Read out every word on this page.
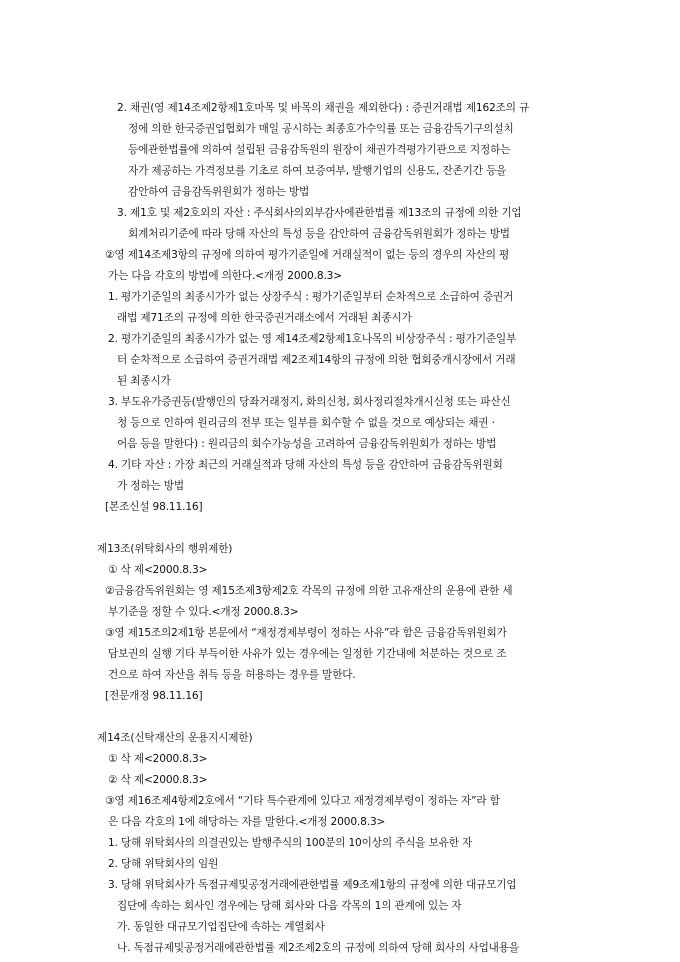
2. 채권(영 제14조제2항제1호마목 및 바목의 채권을 제외한다) : 증권거래법 제162조의 규
정에 의한 한국증권업협회가 매일 공시하는 최종호가수익률 또는 금융감독기구의설치
등에관한법률에 의하여 설립된 금융감독원의 원장이 채권가격평가기관으로 지정하는
자가 제공하는 가격정보를 기초로 하여 보증여부, 발행기업의 신용도, 잔존기간 등을
감안하여 금융감독위원회가 정하는 방법
3. 제1호 및 제2호외의 자산 : 주식회사의외부감사에관한법률 제13조의 규정에 의한 기업
회계처리기준에 따라 당해 자산의 특성 등을 감안하여 금융감독위원회가 정하는 방법
②영 제14조제3항의 규정에 의하여 평가기준일에 거래실적이 없는 등의 경우의 자산의 평
가는 다음 각호의 방법에 의한다.<개정 2000.8.3>
1. 평가기준일의 최종시가가 없는 상장주식 : 평가기준일부터 순차적으로 소급하여 증권거
래법 제71조의 규정에 의한 한국증권거래소에서 거래된 최종시가
2. 평가기준일의 최종시가가 없는 영 제14조제2항제1호나목의 비상장주식 : 평가기준일부
터 순차적으로 소급하여 증권거래법 제2조제14항의 규정에 의한 협회중개시장에서 거래
된 최종시가
3. 부도유가증권등(발행인의 당좌거래정지, 화의신청, 회사정리절차개시신청 또는 파산신
청 등으로 인하여 원리금의 전부 또는 일부를 회수할 수 없을 것으로 예상되는 채권 ·
어음 등을 말한다) : 원리금의 회수가능성을 고려하여 금융감독위원회가 정하는 방법
4. 기타 자산 : 가장 최근의 거래실적과 당해 자산의 특성 등을 감안하여 금융감독위원회
가 정하는 방법
[본조신설 98.11.16]
제13조(위탁회사의 행위제한)
① 삭 제<2000.8.3>
②금융감독위원회는 영 제15조제3항제2호 각목의 규정에 의한 고유재산의 운용에 관한 세
부기준을 정할 수 있다.<개정 2000.8.3>
③영 제15조의2제1항 본문에서 “재정경제부령이 정하는 사유”라 함은 금융감독위원회가
담보권의 실행 기타 부득이한 사유가 있는 경우에는 일정한 기간내에 처분하는 것으로 조
건으로 하여 자산을 취득 등을 허용하는 경우를 말한다.
[전문개정 98.11.16]
제14조(신탁재산의 운용지시제한)
① 삭 제<2000.8.3>
② 삭 제<2000.8.3>
③영 제16조제4항제2호에서 “기타 특수관계에 있다고 재정경제부령이 정하는 자”라 함
은 다음 각호의 1에 해당하는 자를 말한다.<개정 2000.8.3>
1. 당해 위탁회사의 의결권있는 발행주식의 100분의 10이상의 주식을 보유한 자
2. 당해 위탁회사의 임원
3. 당해 위탁회사가 독점규제및공정거래에관한법률 제9조제1항의 규정에 의한 대규모기업
집단에 속하는 회사인 경우에는 당해 회사와 다음 각목의 1의 관계에 있는 자
가. 동일한 대규모기업집단에 속하는 계열회사
나. 독점규제및공정거래에관한법률 제2조제2호의 규정에 의하여 당해 회사의 사업내용을
